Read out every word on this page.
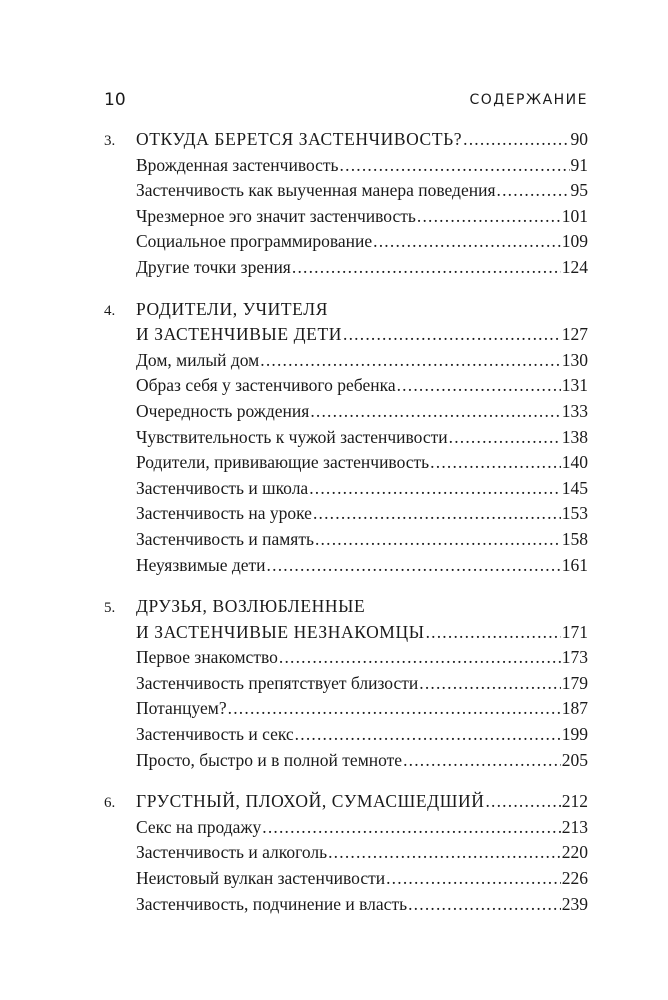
10	СОДЕРЖАНИЕ
3.	ОТКУДА БЕРЕТСЯ ЗАСТЕНЧИВОСТЬ? .....	90
Врожденная застенчивость .....	91
Застенчивость как выученная манера поведения .....	95
Чрезмерное эго значит застенчивость .....	101
Социальное программирование .....	109
Другие точки зрения .....	124
4.	РОДИТЕЛИ, УЧИТЕЛЯ
И ЗАСТЕНЧИВЫЕ ДЕТИ .....	127
Дом, милый дом .....	130
Образ себя у застенчивого ребенка .....	131
Очередность рождения .....	133
Чувствительность к чужой застенчивости .....	138
Родители, прививающие застенчивость .....	140
Застенчивость и школа .....	145
Застенчивость на уроке .....	153
Застенчивость и память .....	158
Неуязвимые дети .....	161
5.	ДРУЗЬЯ, ВОЗЛЮБЛЕННЫЕ
И ЗАСТЕНЧИВЫЕ НЕЗНАКОМЦЫ .....	171
Первое знакомство .....	173
Застенчивость препятствует близости .....	179
Потанцуем? .....	187
Застенчивость и секс .....	199
Просто, быстро и в полной темноте .....	205
6.	ГРУСТНЫЙ, ПЛОХОЙ, СУМАСШЕДШИЙ .....	212
Секс на продажу .....	213
Застенчивость и алкоголь .....	220
Неистовый вулкан застенчивости .....	226
Застенчивость, подчинение и власть .....	239
